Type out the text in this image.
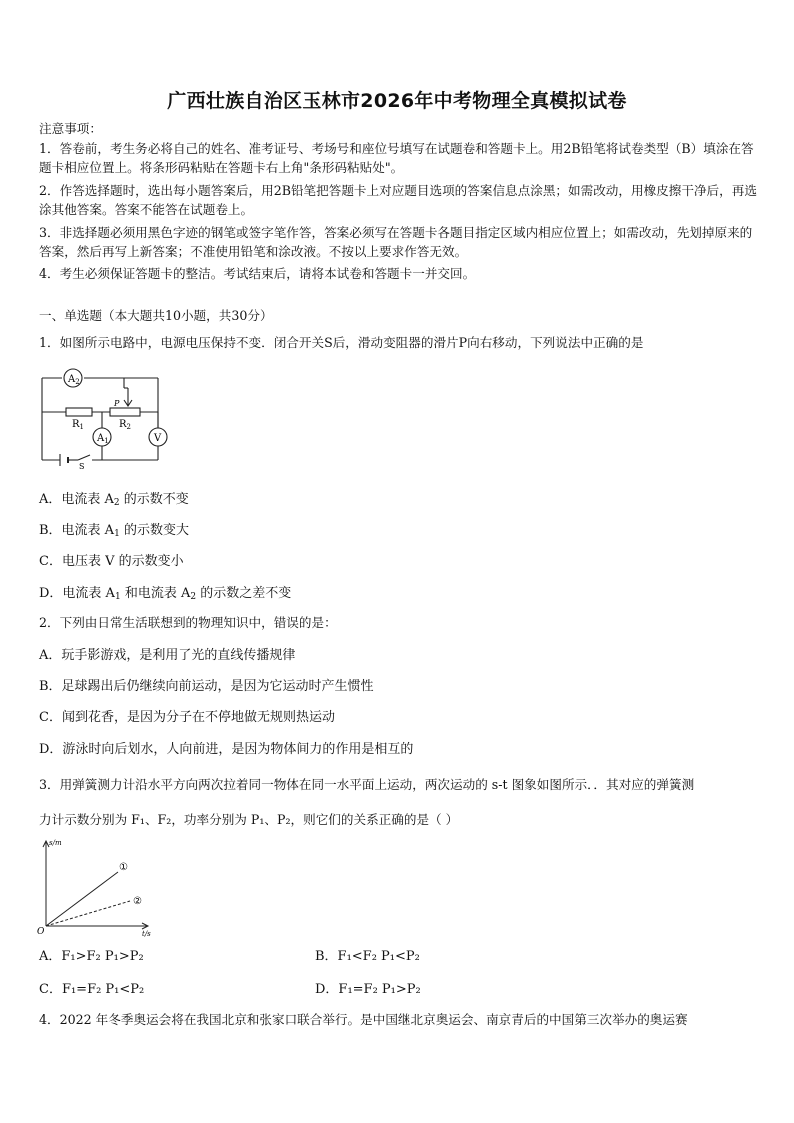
广西壮族自治区玉林市2026年中考物理全真模拟试卷
注意事项：
1．答卷前，考生务必将自己的姓名、准考证号、考场号和座位号填写在试题卷和答题卡上。用2B铅笔将试卷类型（B）填涂在答题卡相应位置上。将条形码粘贴在答题卡右上角"条形码粘贴处"。
2．作答选择题时，选出每小题答案后，用2B铅笔把答题卡上对应题目选项的答案信息点涂黑；如需改动，用橡皮擦干净后，再选涂其他答案。答案不能答在试题卷上。
3．非选择题必须用黑色字迹的钢笔或签字笔作答，答案必须写在答题卡各题目指定区域内相应位置上；如需改动，先划掉原来的答案，然后再写上新答案；不准使用铅笔和涂改液。不按以上要求作答无效。
4．考生必须保证答题卡的整洁。考试结束后，请将本试卷和答题卡一并交回。
一、单选题（本大题共10小题，共30分）
1．如图所示电路中，电源电压保持不变．闭合开关S后，滑动变阻器的滑片P向右移动，下列说法中正确的是
$A_2$
$A_1$	V
P
$R_1$	$R_2$
S
A．电流表 $A_2$ 的示数不变
B．电流表 $A_1$ 的示数变大
C．电压表 V 的示数变小
D．电流表 $A_1$ 和电流表 $A_2$ 的示数之差不变
2．下列由日常生活联想到的物理知识中，错误的是：
A．玩手影游戏，是利用了光的直线传播规律
B．足球踢出后仍继续向前运动，是因为它运动时产生惯性
C．闻到花香，是因为分子在不停地做无规则热运动
D．游泳时向后划水，人向前进，是因为物体间力的作用是相互的
3．用弹簧测力计沿水平方向两次拉着同一物体在同一水平面上运动，两次运动的 s-t 图象如图所示．．其对应的弹簧测
力计示数分别为 F₁、F₂，功率分别为 P₁、P₂，则它们的关系正确的是（ ）
s/m
t/s
O
①
②
A．F₁>F₂ P₁>P₂	B．F₁<F₂ P₁<P₂
C．F₁=F₂ P₁<P₂	D．F₁=F₂ P₁>P₂
4．2022 年冬季奥运会将在我国北京和张家口联合举行。是中国继北京奥运会、南京青后的中国第三次举办的奥运赛
